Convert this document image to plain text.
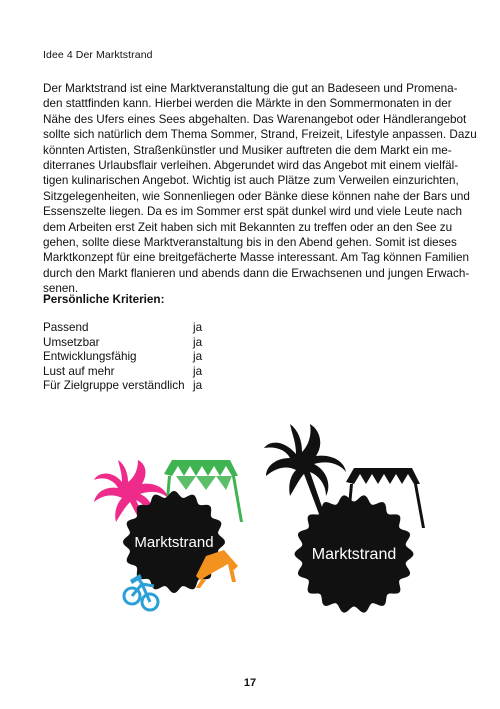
Idee 4 Der Marktstrand
Der Marktstrand ist eine Marktveranstaltung die gut an Badeseen und Promena-
den stattfinden kann. Hierbei werden die Märkte in den Sommermonaten in der
Nähe des Ufers eines Sees abgehalten. Das Warenangebot oder Händlerangebot
sollte sich natürlich dem Thema Sommer, Strand, Freizeit, Lifestyle anpassen. Dazu
könnten Artisten, Straßenkünstler und Musiker auftreten die dem Markt ein me-
diterranes Urlaubsflair verleihen. Abgerundet wird das Angebot mit einem vielfäl-
tigen kulinarischen Angebot. Wichtig ist auch Plätze zum Verweilen einzurichten,
Sitzgelegenheiten, wie Sonnenliegen oder Bänke diese können nahe der Bars und
Essenszelte liegen. Da es im Sommer erst spät dunkel wird und viele Leute nach
dem Arbeiten erst Zeit haben sich mit Bekannten zu treffen oder an den See zu
gehen, sollte diese Marktveranstaltung bis in den Abend gehen. Somit ist dieses
Marktkonzept für eine breitgefächerte Masse interessant. Am Tag können Familien
durch den Markt flanieren und abends dann die Erwachsenen und jungen Erwach-
senen.
Persönliche Kriterien:
Passend	ja
Umsetzbar	ja
Entwicklungsfähig	ja
Lust auf mehr	ja
Für Zielgruppe verständlich	ja
Marktstrand
Marktstrand
17
